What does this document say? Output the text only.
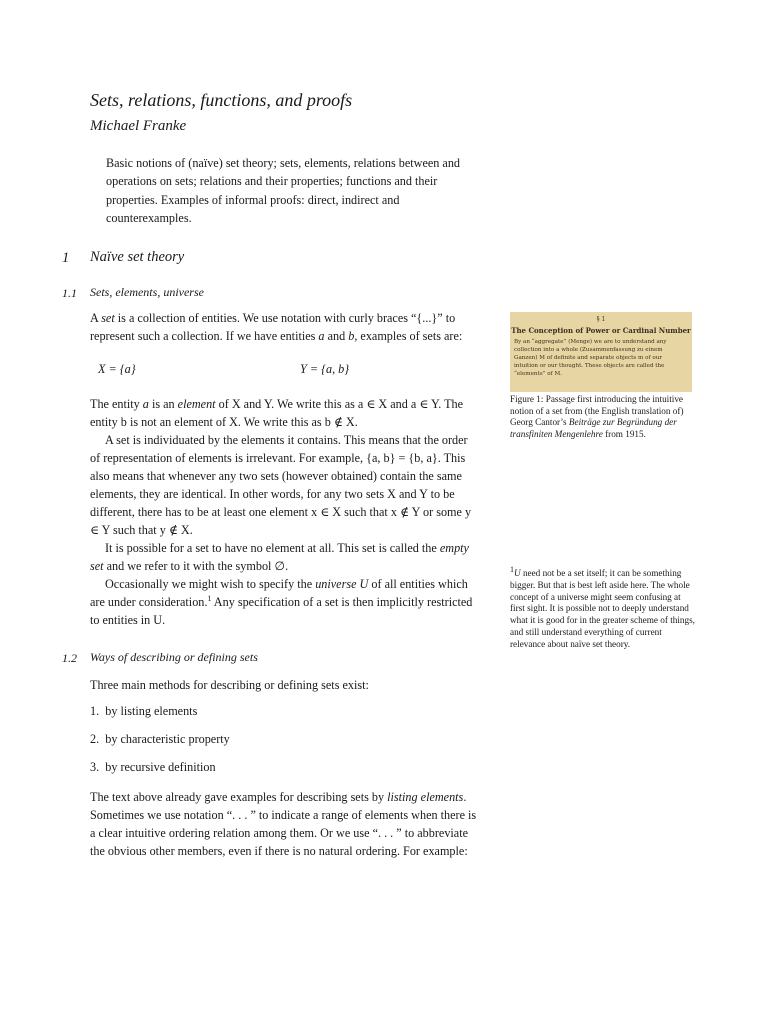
Sets, relations, functions, and proofs
Michael Franke
Basic notions of (naïve) set theory; sets, elements, relations between and operations on sets; relations and their properties; functions and their properties. Examples of informal proofs: direct, indirect and counterexamples.
1 Naïve set theory
1.1 Sets, elements, universe

A set is a collection of entities. We use notation with curly braces “{...}” to represent such a collection. If we have entities a and b, examples of sets are:

X = {a}	Y = {a, b}

The entity a is an element of X and Y. We write this as a ∈ X and a ∈ Y. The entity b is not an element of X. We write this as b ∉ X.

A set is individuated by the elements it contains. This means that the order of representation of elements is irrelevant. For example, {a, b} = {b, a}. This also means that whenever any two sets (however obtained) contain the same elements, they are identical. In other words, for any two sets X and Y to be different, there has to be at least one element x ∈ X such that x ∉ Y or some y ∈ Y such that y ∉ X.

It is possible for a set to have no element at all. This set is called the empty set and we refer to it with the symbol ∅.

Occasionally we might wish to specify the universe U of all entities which are under consideration.$^1$ Any specification of a set is then implicitly restricted to entities in U.

1.2 Ways of describing or defining sets
Three main methods for describing or defining sets exist:
1. by listing elements
2. by characteristic property
3. by recursive definition

The text above already gave examples for describing sets by listing elements. Sometimes we use notation “. . . ” to indicate a range of elements when there is a clear intuitive ordering relation among them. Or we use “. . . ” to abbreviate the obvious other members, even if there is no natural ordering. For example:

§ 1
The Conception of Power or Cardinal Number
By an “aggregate” (Menge) we are to understand any collection into a whole (Zusammenfassung zu einem Ganzen) M of definite and separate objects m of our intuition or our thought. These objects are called the “elements” of M.
Figure 1: Passage first introducing the intuitive notion of a set from (the English translation of) Georg Cantor’s Beiträge zur Begründung der transfiniten Mengenlehre from 1915.
$^1$U need not be a set itself; it can be something bigger. But that is best left aside here. The whole concept of a universe might seem confusing at first sight. It is possible not to deeply understand what it is good for in the greater scheme of things, and still understand everything of current relevance about naïve set theory.
